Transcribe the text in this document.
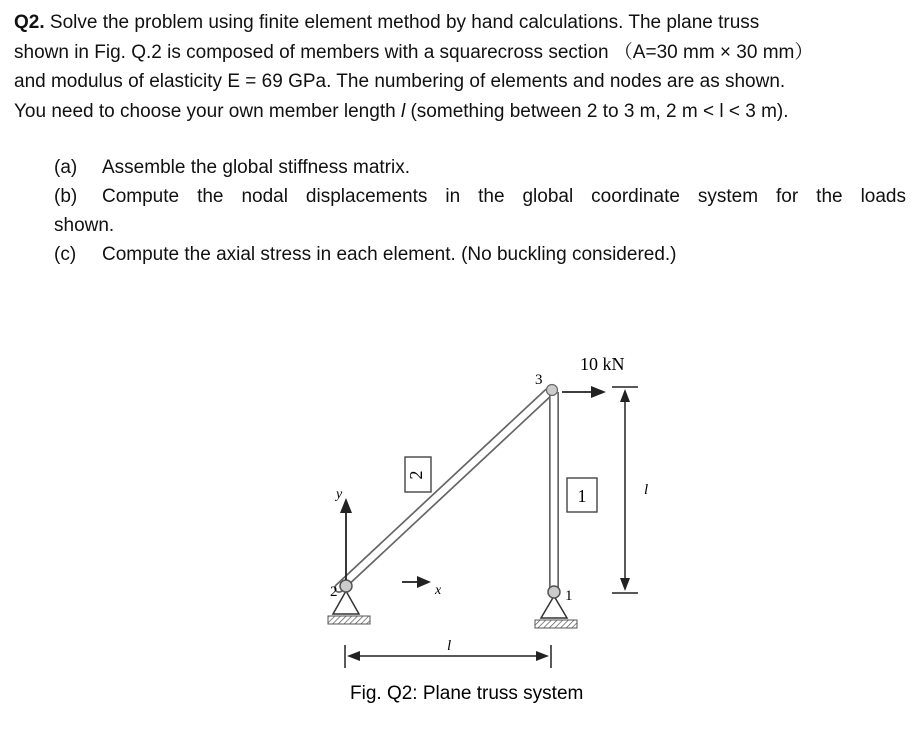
Q2. Solve the problem using finite element method by hand calculations. The plane truss
shown in Fig. Q.2 is composed of members with a squarecross section （A=30 mm × 30 mm）
and modulus of elasticity E = 69 GPa. The numbering of elements and nodes are as shown.
You need to choose your own member length l (something between 2 to 3 m, 2 m < l < 3 m).
(a)	Assemble the global stiffness matrix.
(b)	Compute the nodal displacements in the global coordinate system for the loads
shown.
(c)	Compute the axial stress in each element. (No buckling considered.)
2	1
3
2
1
10 kN
y
x
l
l
Fig. Q2: Plane truss system
